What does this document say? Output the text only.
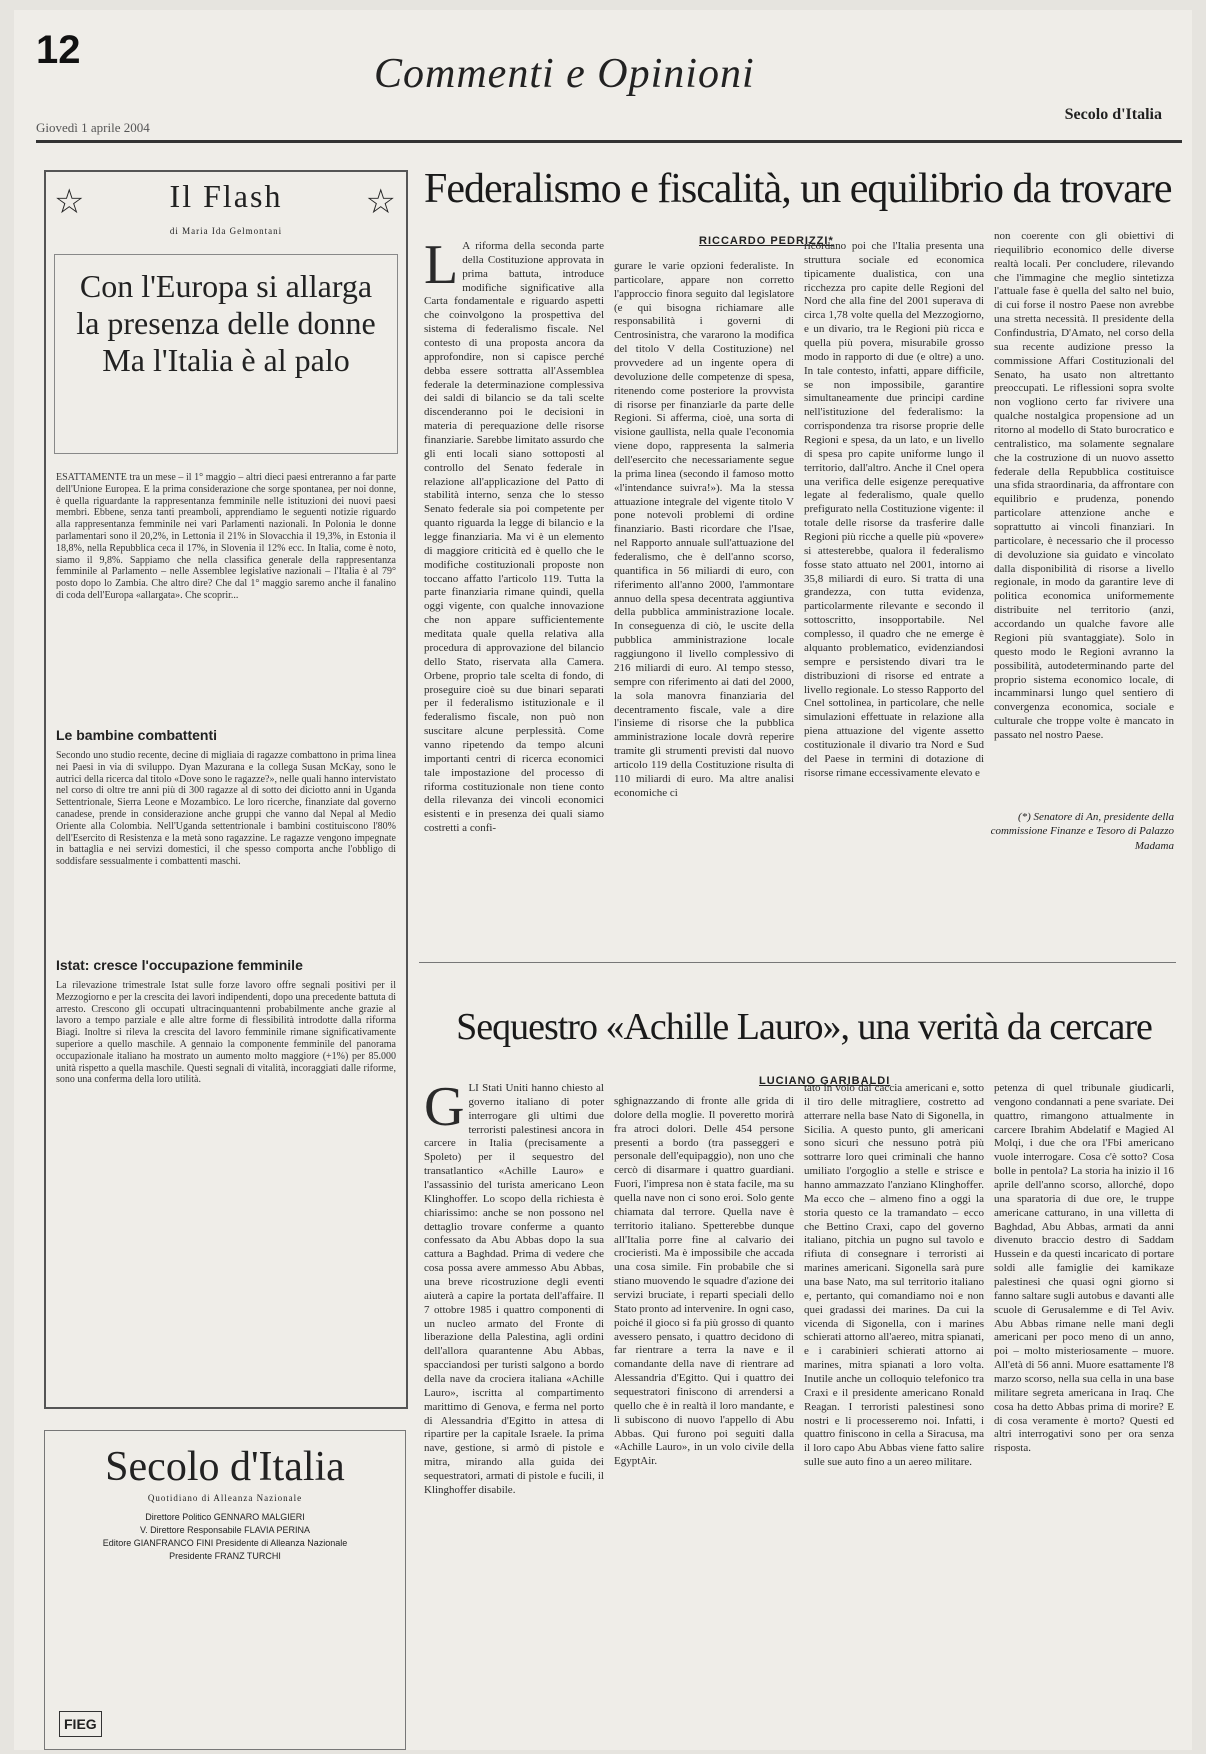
12
Commenti e Opinioni
Giovedì 1 aprile 2004
Secolo d'Italia
☆	Il Flash ☆
di Maria Ida Gelmontani
Con l'Europa si allarga
la presenza delle donne
Ma l'Italia è al palo
ESATTAMENTE tra un mese – il 1° maggio – altri dieci paesi entreranno a far parte dell'Unione Europea. E la prima considerazione che sorge spontanea, per noi donne, è quella riguardante la rappresentanza femminile nelle istituzioni dei nuovi paesi membri. Ebbene, senza tanti preamboli, apprendiamo le seguenti notizie riguardo alla rappresentanza femminile nei vari Parlamenti nazionali. In Polonia le donne parlamentari sono il 20,2%, in Lettonia il 21% in Slovacchia il 19,3%, in Estonia il 18,8%, nella Repubblica ceca il 17%, in Slovenia il 12% ecc. In Italia, come è noto, siamo il 9,8%. Sappiamo che nella classifica generale della rappresentanza femminile al Parlamento – nelle Assemblee legislative nazionali – l'Italia è al 79° posto dopo lo Zambia. Che altro dire? Che dal 1° maggio saremo anche il fanalino di coda dell'Europa «allargata». Che scoprir...
Le bambine combattenti
Secondo uno studio recente, decine di migliaia di ragazze combattono in prima linea nei Paesi in via di sviluppo. Dyan Mazurana e la collega Susan McKay, sono le autrici della ricerca dal titolo «Dove sono le ragazze?», nelle quali hanno intervistato nel corso di oltre tre anni più di 300 ragazze al di sotto dei diciotto anni in Uganda Settentrionale, Sierra Leone e Mozambico. Le loro ricerche, finanziate dal governo canadese, prende in considerazione anche gruppi che vanno dal Nepal al Medio Oriente alla Colombia. Nell'Uganda settentrionale i bambini costituiscono l'80% dell'Esercito di Resistenza e la metà sono ragazzine. Le ragazze vengono impegnate in battaglia e nei servizi domestici, il che spesso comporta anche l'obbligo di soddisfare sessualmente i combattenti maschi.
Istat: cresce l'occupazione femminile
La rilevazione trimestrale Istat sulle forze lavoro offre segnali positivi per il Mezzogiorno e per la crescita dei lavori indipendenti, dopo una precedente battuta di arresto. Crescono gli occupati ultracinquantenni probabilmente anche grazie al lavoro a tempo parziale e alle altre forme di flessibilità introdotte dalla riforma Biagi. Inoltre si rileva la crescita del lavoro femminile rimane significativamente superiore a quello maschile. A gennaio la componente femminile del panorama occupazionale italiano ha mostrato un aumento molto maggiore (+1%) per 85.000 unità rispetto a quella maschile. Questi segnali di vitalità, incoraggiati dalle riforme, sono una conferma della loro utilità.
Secolo d'Italia
Quotidiano di Alleanza Nazionale
Direttore Politico GENNARO MALGIERI
V. Direttore Responsabile FLAVIA PERINA
Editore GIANFRANCO FINI Presidente di Alleanza Nazionale
Presidente FRANZ TURCHI
FIEG
Federalismo e fiscalità, un equilibrio da trovare
RICCARDO PEDRIZZI*
L A riforma della seconda parte della Costituzione approvata in prima battuta, introduce modifiche significative alla Carta fondamentale e riguardo aspetti che coinvolgono la prospettiva del sistema di federalismo fiscale. Nel contesto di una proposta ancora da approfondire, non si capisce perché debba essere sottratta all'Assemblea federale la determinazione complessiva dei saldi di bilancio se da tali scelte discenderanno poi le decisioni in materia di perequazione delle risorse finanziarie. Sarebbe limitato assurdo che gli enti locali siano sottoposti al controllo del Senato federale in relazione all'applicazione del Patto di stabilità interno, senza che lo stesso Senato federale sia poi competente per quanto riguarda la legge di bilancio e la legge finanziaria. Ma vi è un elemento di maggiore criticità ed è quello che le modifiche costituzionali proposte non toccano affatto l'articolo 119. Tutta la parte finanziaria rimane quindi, quella oggi vigente, con qualche innovazione che non appare sufficientemente meditata quale quella relativa alla procedura di approvazione del bilancio dello Stato, riservata alla Camera. Orbene, proprio tale scelta di fondo, di proseguire cioè su due binari separati per il federalismo istituzionale e il federalismo fiscale, non può non suscitare alcune perplessità. Come vanno ripetendo da tempo alcuni importanti centri di ricerca economici tale impostazione del processo di riforma costituzionale non tiene conto della rilevanza dei vincoli economici esistenti e in presenza dei quali siamo costretti a confi-
gurare le varie opzioni federaliste. In particolare, appare non corretto l'approccio finora seguito dal legislatore (e qui bisogna richiamare alle responsabilità i governi di Centrosinistra, che vararono la modifica del titolo V della Costituzione) nel provvedere ad un ingente opera di devoluzione delle competenze di spesa, ritenendo come posteriore la provvista di risorse per finanziarle da parte delle Regioni. Si afferma, cioè, una sorta di visione gaullista, nella quale l'economia viene dopo, rappresenta la salmeria dell'esercito che necessariamente segue la prima linea (secondo il famoso motto «l'intendance suivra!»). Ma la stessa attuazione integrale del vigente titolo V pone notevoli problemi di ordine finanziario. Basti ricordare che l'Isae, nel Rapporto annuale sull'attuazione del federalismo, che è dell'anno scorso, quantifica in 56 miliardi di euro, con riferimento all'anno 2000, l'ammontare annuo della spesa decentrata aggiuntiva della pubblica amministrazione locale. In conseguenza di ciò, le uscite della pubblica amministrazione locale raggiungono il livello complessivo di 216 miliardi di euro. Al tempo stesso, sempre con riferimento ai dati del 2000, la sola manovra finanziaria del decentramento fiscale, vale a dire l'insieme di risorse che la pubblica amministrazione locale dovrà reperire tramite gli strumenti previsti dal nuovo articolo 119 della Costituzione risulta di 110 miliardi di euro. Ma altre analisi economiche ci
ricordano poi che l'Italia presenta una struttura sociale ed economica tipicamente dualistica, con una ricchezza pro capite delle Regioni del Nord che alla fine del 2001 superava di circa 1,78 volte quella del Mezzogiorno, e un divario, tra le Regioni più ricca e quella più povera, misurabile grosso modo in rapporto di due (e oltre) a uno. In tale contesto, infatti, appare difficile, se non impossibile, garantire simultaneamente due principi cardine nell'istituzione del federalismo: la corrispondenza tra risorse proprie delle Regioni e spesa, da un lato, e un livello di spesa pro capite uniforme lungo il territorio, dall'altro. Anche il Cnel opera una verifica delle esigenze perequative legate al federalismo, quale quello prefigurato nella Costituzione vigente: il totale delle risorse da trasferire dalle Regioni più ricche a quelle più «povere» si attesterebbe, qualora il federalismo fosse stato attuato nel 2001, intorno ai 35,8 miliardi di euro. Si tratta di una grandezza, con tutta evidenza, particolarmente rilevante e secondo il sottoscritto, insopportabile. Nel complesso, il quadro che ne emerge è alquanto problematico, evidenziandosi sempre e persistendo divari tra le distribuzioni di risorse ed entrate a livello regionale. Lo stesso Rapporto del Cnel sottolinea, in particolare, che nelle simulazioni effettuate in relazione alla piena attuazione del vigente assetto costituzionale il divario tra Nord e Sud del Paese in termini di dotazione di risorse rimane eccessivamente elevato e
non coerente con gli obiettivi di riequilibrio economico delle diverse realtà locali. Per concludere, rilevando che l'immagine che meglio sintetizza l'attuale fase è quella del salto nel buio, di cui forse il nostro Paese non avrebbe una stretta necessità. Il presidente della Confindustria, D'Amato, nel corso della sua recente audizione presso la commissione Affari Costituzionali del Senato, ha usato non altrettanto preoccupati. Le riflessioni sopra svolte non vogliono certo far rivivere una qualche nostalgica propensione ad un ritorno al modello di Stato burocratico e centralistico, ma solamente segnalare che la costruzione di un nuovo assetto federale della Repubblica costituisce una sfida straordinaria, da affrontare con equilibrio e prudenza, ponendo particolare attenzione anche e soprattutto ai vincoli finanziari. In particolare, è necessario che il processo di devoluzione sia guidato e vincolato dalla disponibilità di risorse a livello regionale, in modo da garantire leve di politica economica uniformemente distribuite nel territorio (anzi, accordando un qualche favore alle Regioni più svantaggiate). Solo in questo modo le Regioni avranno la possibilità, autodeterminando parte del proprio sistema economico locale, di incamminarsi lungo quel sentiero di convergenza economica, sociale e culturale che troppe volte è mancato in passato nel nostro Paese.
(*) Senatore di An, presidente della commissione Finanze e Tesoro di Palazzo Madama
Sequestro «Achille Lauro», una verità da cercare
LUCIANO GARIBALDI
GLI Stati Uniti hanno chiesto al governo italiano di poter interrogare gli ultimi due terroristi palestinesi ancora in carcere in Italia (precisamente a Spoleto) per il sequestro del transatlantico «Achille Lauro» e l'assassinio del turista americano Leon Klinghoffer. Lo scopo della richiesta è chiarissimo: anche se non possono nel dettaglio trovare conferme a quanto confessato da Abu Abbas dopo la sua cattura a Baghdad. Prima di vedere che cosa possa avere ammesso Abu Abbas, una breve ricostruzione degli eventi aiuterà a capire la portata dell'affaire. Il 7 ottobre 1985 i quattro componenti di un nucleo armato del Fronte di liberazione della Palestina, agli ordini dell'allora quarantenne Abu Abbas, spacciandosi per turisti salgono a bordo della nave da crociera italiana «Achille Lauro», iscritta al compartimento marittimo di Genova, e ferma nel porto di Alessandria d'Egitto in attesa di ripartire per la capitale Israele. Ia prima nave, gestione, si armò di pistole e mitra, mirando alla guida dei sequestratori, armati di pistole e fucili, il Klinghoffer disabile.
sghignazzando di fronte alle grida di dolore della moglie. Il poveretto morirà fra atroci dolori. Delle 454 persone presenti a bordo (tra passeggeri e personale dell'equipaggio), non uno che cercò di disarmare i quattro guardiani. Fuori, l'impresa non è stata facile, ma su quella nave non ci sono eroi. Solo gente chiamata dal terrore. Quella nave è territorio italiano. Spetterebbe dunque all'Italia porre fine al calvario dei crocieristi. Ma è impossibile che accada una cosa simile. Fin probabile che si stiano muovendo le squadre d'azione dei servizi bruciate, i reparti speciali dello Stato pronto ad intervenire. In ogni caso, poiché il gioco si fa più grosso di quanto avessero pensato, i quattro decidono di far rientrare a terra la nave e il comandante della nave di rientrare ad Alessandria d'Egitto. Qui i quattro dei sequestratori finiscono di arrendersi a quello che è in realtà il loro mandante, e lì subiscono di nuovo l'appello di Abu Abbas. Qui furono poi seguiti dalla «Achille Lauro», in un volo civile della EgyptAir.
tato in volo dai caccia americani e, sotto il tiro delle mitragliere, costretto ad atterrare nella base Nato di Sigonella, in Sicilia. A questo punto, gli americani sono sicuri che nessuno potrà più sottrarre loro quei criminali che hanno umiliato l'orgoglio a stelle e strisce e hanno ammazzato l'anziano Klinghoffer. Ma ecco che – almeno fino a oggi la storia questo ce la tramandato – ecco che Bettino Craxi, capo del governo italiano, pitchia un pugno sul tavolo e rifiuta di consegnare i terroristi ai marines americani. Sigonella sarà pure una base Nato, ma sul territorio italiano e, pertanto, qui comandiamo noi e non quei gradassi dei marines. Da cui la vicenda di Sigonella, con i marines schierati attorno all'aereo, mitra spianati, e i carabinieri schierati attorno ai marines, mitra spianati a loro volta. Inutile anche un colloquio telefonico tra Craxi e il presidente americano Ronald Reagan. I terroristi palestinesi sono nostri e li processeremo noi. Infatti, i quattro finiscono in cella a Siracusa, ma il loro capo Abu Abbas viene fatto salire sulle sue auto fino a un aereo militare.
petenza di quel tribunale giudicarli, vengono condannati a pene svariate. Dei quattro, rimangono attualmente in carcere Ibrahim Abdelatif e Magied Al Molqi, i due che ora l'Fbi americano vuole interrogare. Cosa c'è sotto? Cosa bolle in pentola? La storia ha inizio il 16 aprile dell'anno scorso, allorché, dopo una sparatoria di due ore, le truppe americane catturano, in una villetta di Baghdad, Abu Abbas, armati da anni divenuto braccio destro di Saddam Hussein e da questi incaricato di portare soldi alle famiglie dei kamikaze palestinesi che quasi ogni giorno si fanno saltare sugli autobus e davanti alle scuole di Gerusalemme e di Tel Aviv. Abu Abbas rimane nelle mani degli americani per poco meno di un anno, poi – molto misteriosamente – muore. All'età di 56 anni. Muore esattamente l'8 marzo scorso, nella sua cella in una base militare segreta americana in Iraq. Che cosa ha detto Abbas prima di morire? E di cosa veramente è morto? Questi ed altri interrogativi sono per ora senza risposta.
